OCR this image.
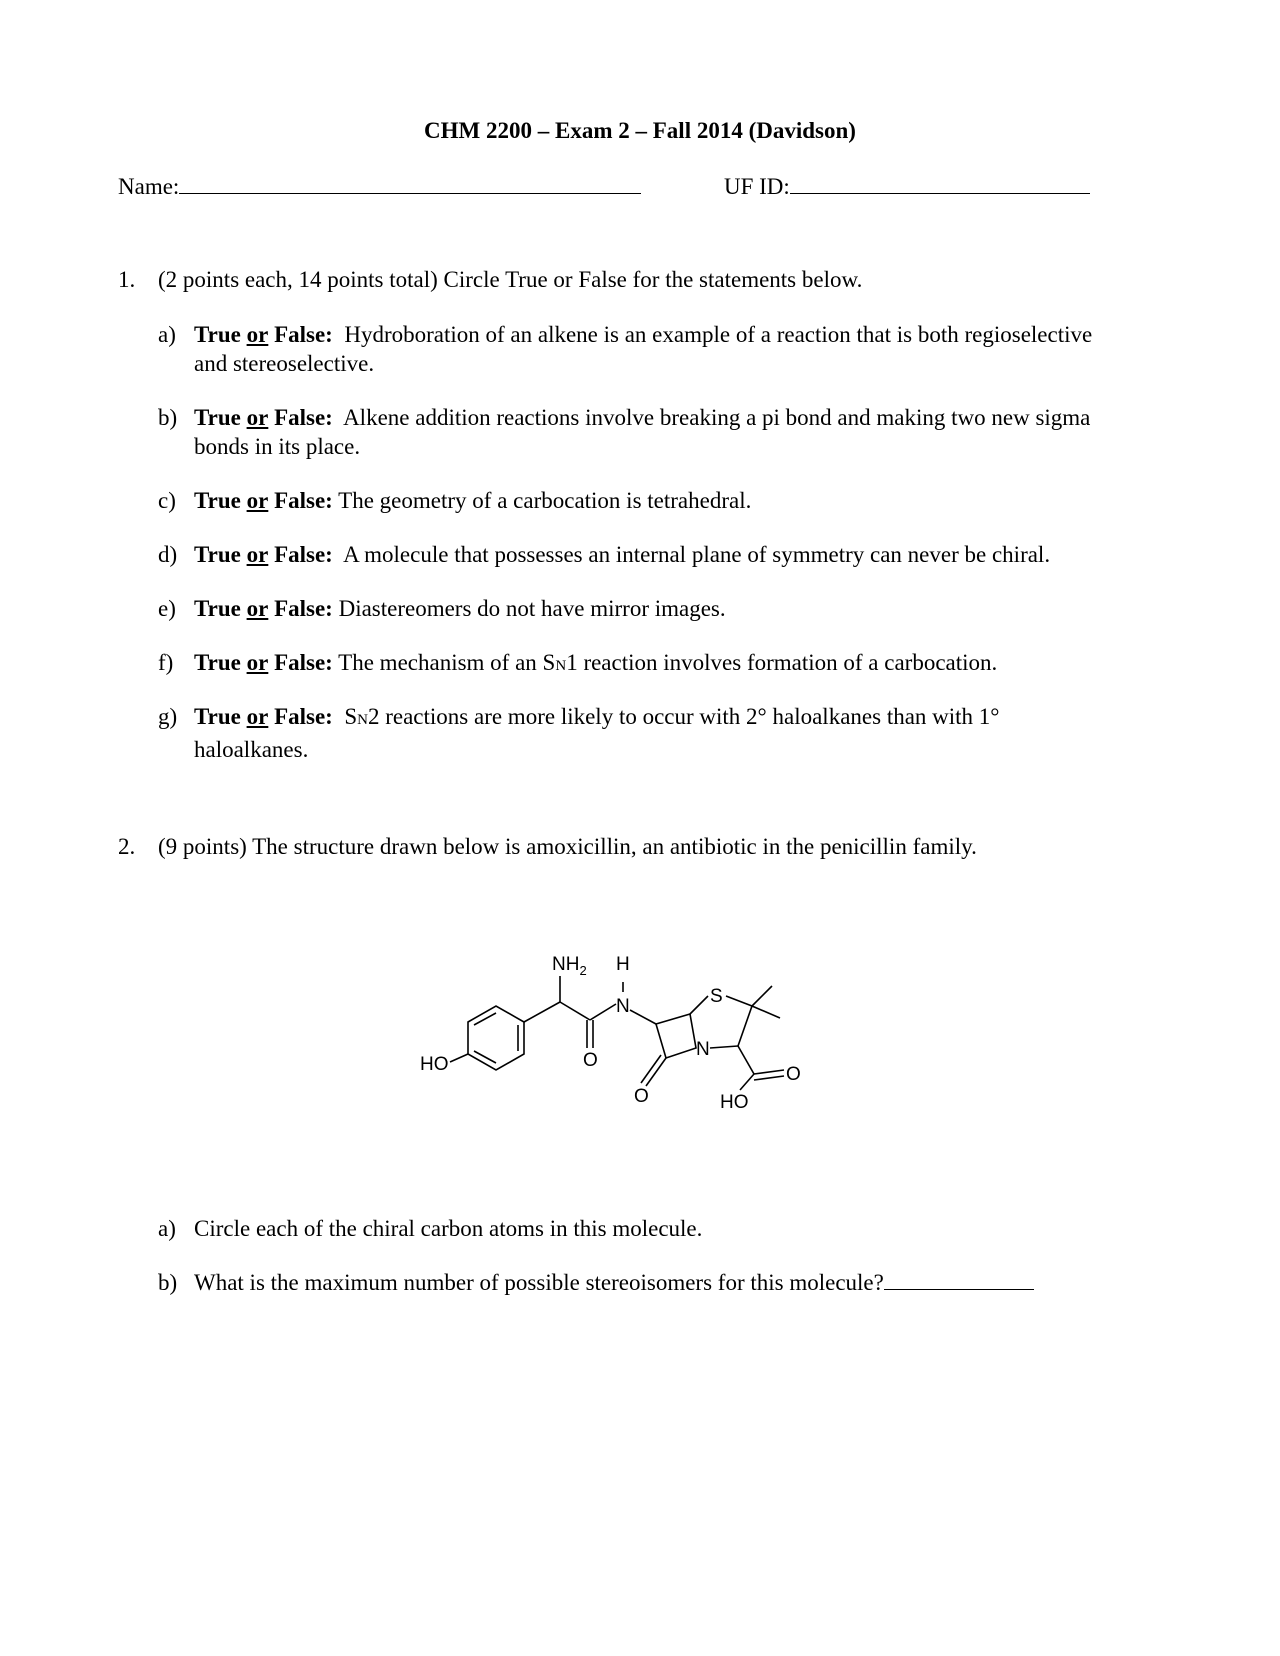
CHM 2200 – Exam 2 – Fall 2014 (Davidson)
Name:	UF ID:
1. (2 points each, 14 points total) Circle True or False for the statements below.
a) True or False: Hydroboration of an alkene is an example of a reaction that is both regioselective and stereoselective.
b) True or False: Alkene addition reactions involve breaking a pi bond and making two new sigma bonds in its place.
c) True or False: The geometry of a carbocation is tetrahedral.
d) True or False: A molecule that possesses an internal plane of symmetry can never be chiral.
e) True or False: Diastereomers do not have mirror images.
f) True or False: The mechanism of an SN1 reaction involves formation of a carbocation.
g) True or False: SN2 reactions are more likely to occur with 2° haloalkanes than with 1° haloalkanes.
2. (9 points) The structure drawn below is amoxicillin, an antibiotic in the penicillin family.
$NH_2$ H
N	S
N
HO	O
O
O
HO
a) Circle each of the chiral carbon atoms in this molecule.
b) What is the maximum number of possible stereoisomers for this molecule?
